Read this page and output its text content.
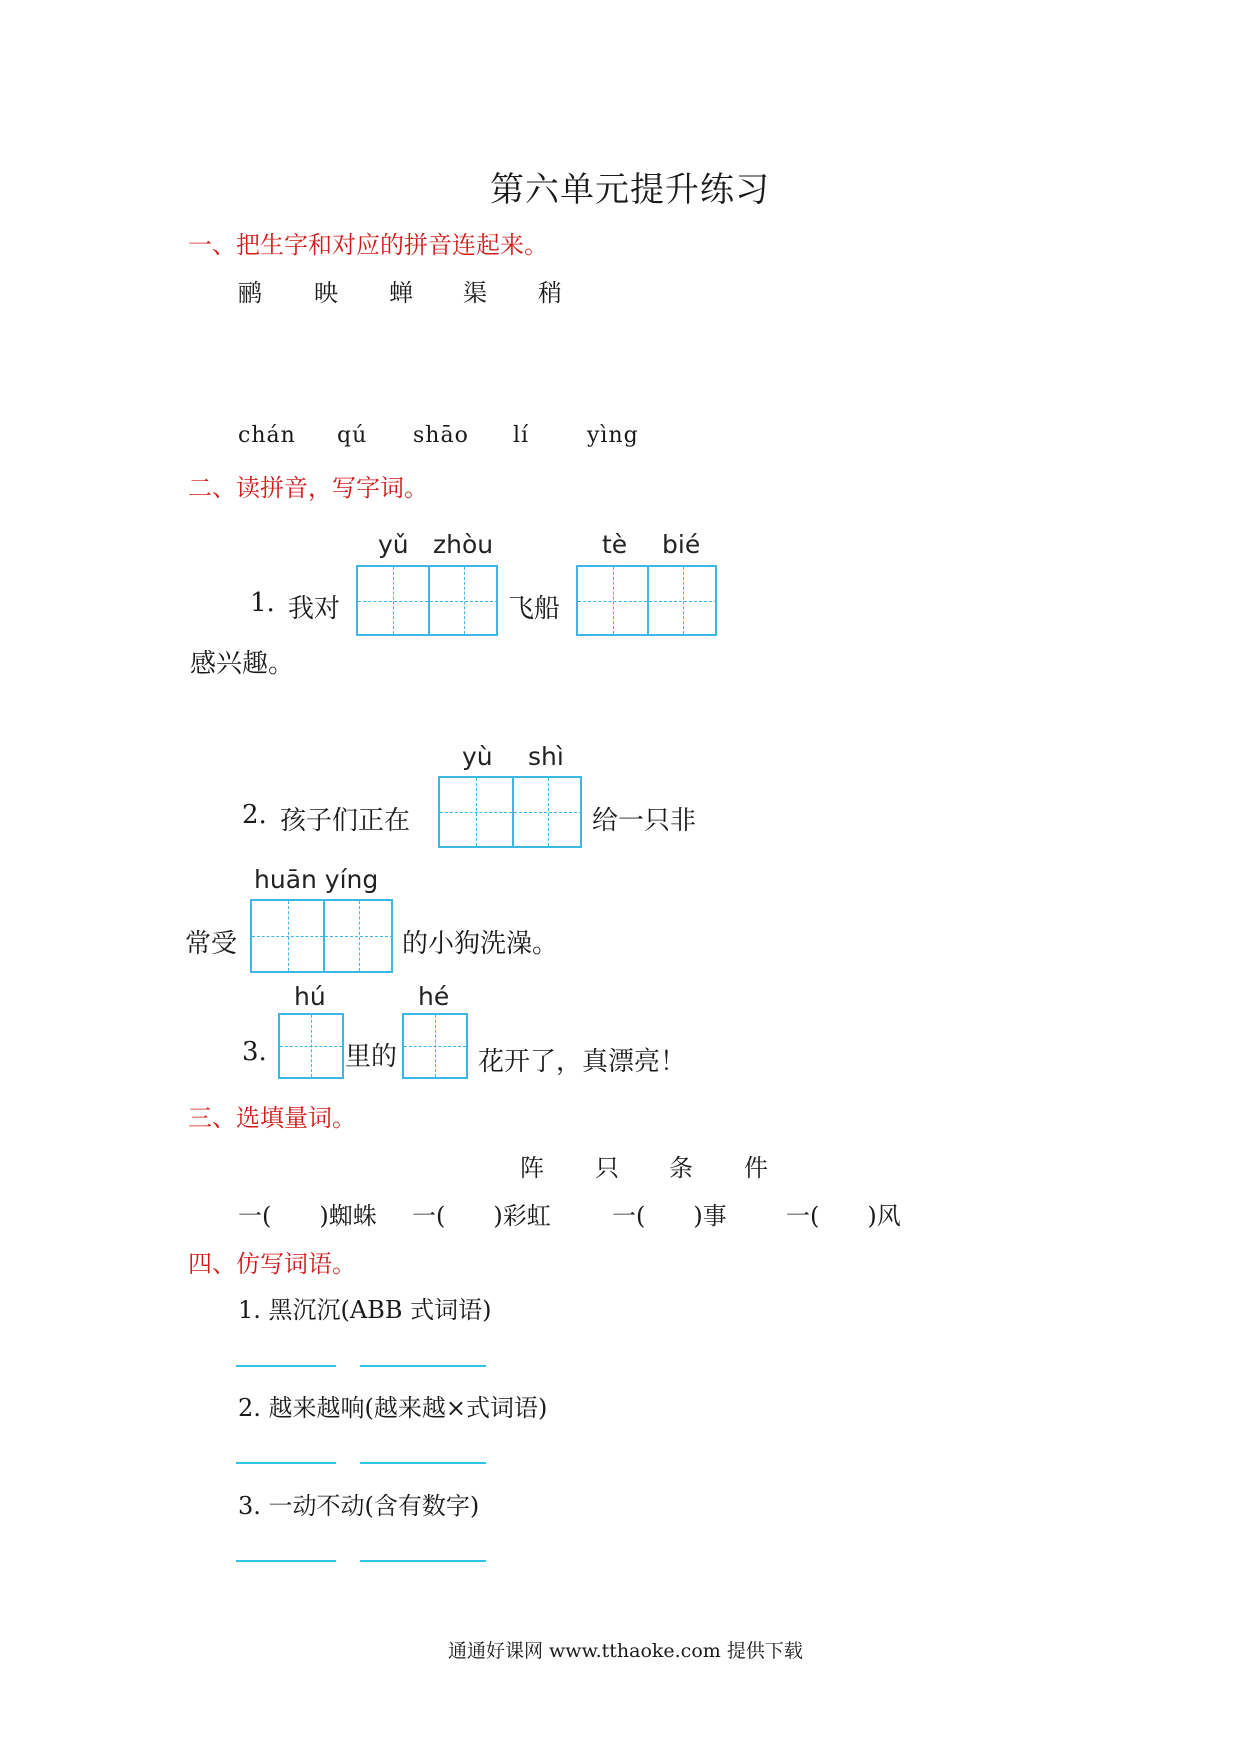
第六单元提升练习
一、把生字和对应的拼音连起来。
鹂 映 蝉 渠 稍
chán qú shāo lí	yìng
二、读拼音，写字词。
yǔ zhòu	tè bié
1. 我对	飞船
感兴趣。
yù shì
2. 孩子们正在	给一只非
huān yíng
常受	的小狗洗澡。
hú	hé
3.	里的	花开了，真漂亮！
三、选填量词。
阵 只 条 件
一(　　)蜘蛛 一(　　)彩虹	一(　　)事 一(　　)风
四、仿写词语。
1. 黑沉沉(ABB 式词语)
2. 越来越响(越来越×式词语)
3. 一动不动(含有数字)
通通好课网 www.tthaoke.com 提供下载
